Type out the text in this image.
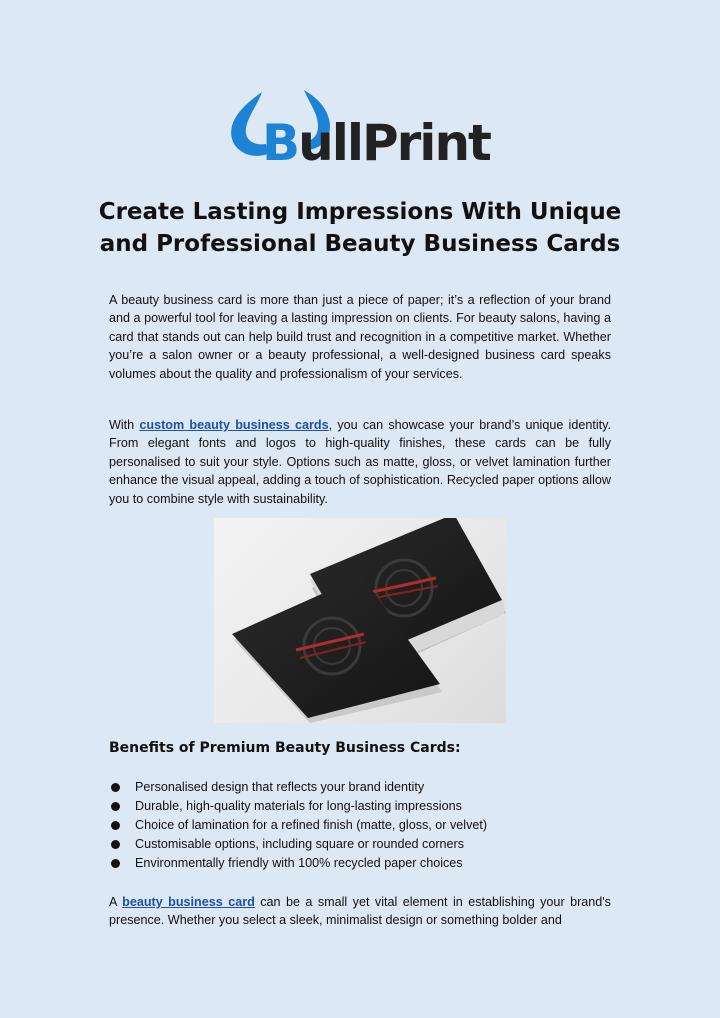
BullPrint
Create Lasting Impressions With Unique and Professional Beauty Business Cards

A beauty business card is more than just a piece of paper; it’s a reflection of your brand and a powerful tool for leaving a lasting impression on clients. For beauty salons, having a card that stands out can help build trust and recognition in a competitive market. Whether you’re a salon owner or a beauty professional, a well-designed business card speaks volumes about the quality and professionalism of your services.

With custom beauty business cards, you can showcase your brand’s unique identity. From elegant fonts and logos to high-quality finishes, these cards can be fully personalised to suit your style. Options such as matte, gloss, or velvet lamination further enhance the visual appeal, adding a touch of sophistication. Recycled paper options allow you to combine style with sustainability.

Benefits of Premium Beauty Business Cards:
Personalised design that reflects your brand identity
Durable, high-quality materials for long-lasting impressions
Choice of lamination for a refined finish (matte, gloss, or velvet)
Customisable options, including square or rounded corners
Environmentally friendly with 100% recycled paper choices

A beauty business card can be a small yet vital element in establishing your brand's presence. Whether you select a sleek, minimalist design or something bolder and
